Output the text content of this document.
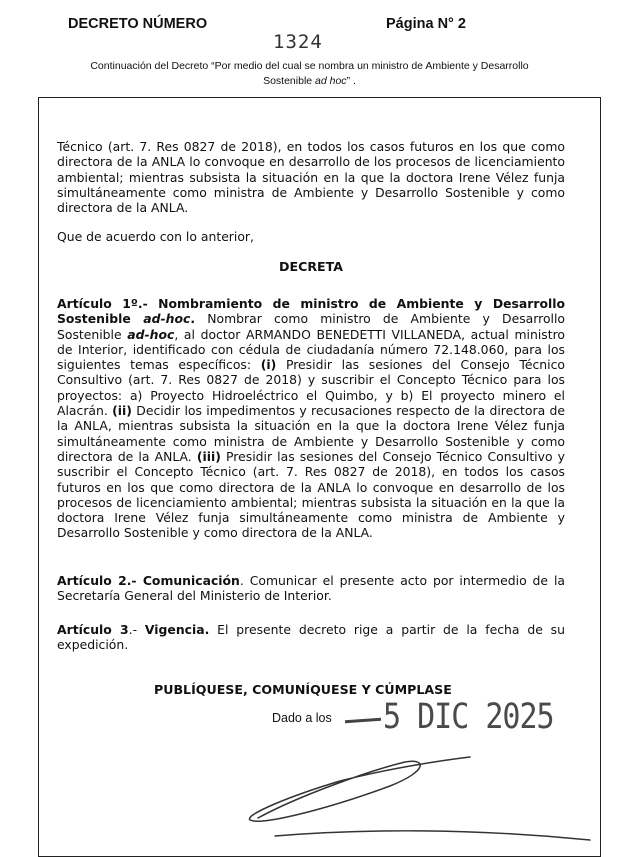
DECRETO NÚMERO	Página N° 2
1324
Continuación del Decreto “Por medio del cual se nombra un ministro de Ambiente y Desarrollo
Sostenible ad hoc” .

Técnico (art. 7. Res 0827 de 2018), en todos los casos futuros en los que como directora de la ANLA lo convoque en desarrollo de los procesos de licenciamiento ambiental; mientras subsista la situación en la que la doctora Irene Vélez funja simultáneamente como ministra de Ambiente y Desarrollo Sostenible y como directora de la ANLA.

Que de acuerdo con lo anterior,

DECRETA

Artículo 1º.- Nombramiento de ministro de Ambiente y Desarrollo Sostenible ad-hoc. Nombrar como ministro de Ambiente y Desarrollo Sostenible ad-hoc, al doctor ARMANDO BENEDETTI VILLANEDA, actual ministro de Interior, identificado con cédula de ciudadanía número 72.148.060, para los siguientes temas específicos: (i) Presidir las sesiones del Consejo Técnico Consultivo (art. 7. Res 0827 de 2018) y suscribir el Concepto Técnico para los proyectos: a) Proyecto Hidroeléctrico el Quimbo, y b) El proyecto minero el Alacrán. (ii) Decidir los impedimentos y recusaciones respecto de la directora de la ANLA, mientras subsista la situación en la que la doctora Irene Vélez funja simultáneamente como ministra de Ambiente y Desarrollo Sostenible y como directora de la ANLA. (iii) Presidir las sesiones del Consejo Técnico Consultivo y suscribir el Concepto Técnico (art. 7. Res 0827 de 2018), en todos los casos futuros en los que como directora de la ANLA lo convoque en desarrollo de los procesos de licenciamiento ambiental; mientras subsista la situación en la que la doctora Irene Vélez funja simultáneamente como ministra de Ambiente y Desarrollo Sostenible y como directora de la ANLA.

Artículo 2.- Comunicación. Comunicar el presente acto por intermedio de la Secretaría General del Ministerio de Interior.

Artículo 3.- Vigencia. El presente decreto rige a partir de la fecha de su expedición.

PUBLÍQUESE, COMUNÍQUESE Y CÚMPLASE
Dado a los 5 DIC 2025
